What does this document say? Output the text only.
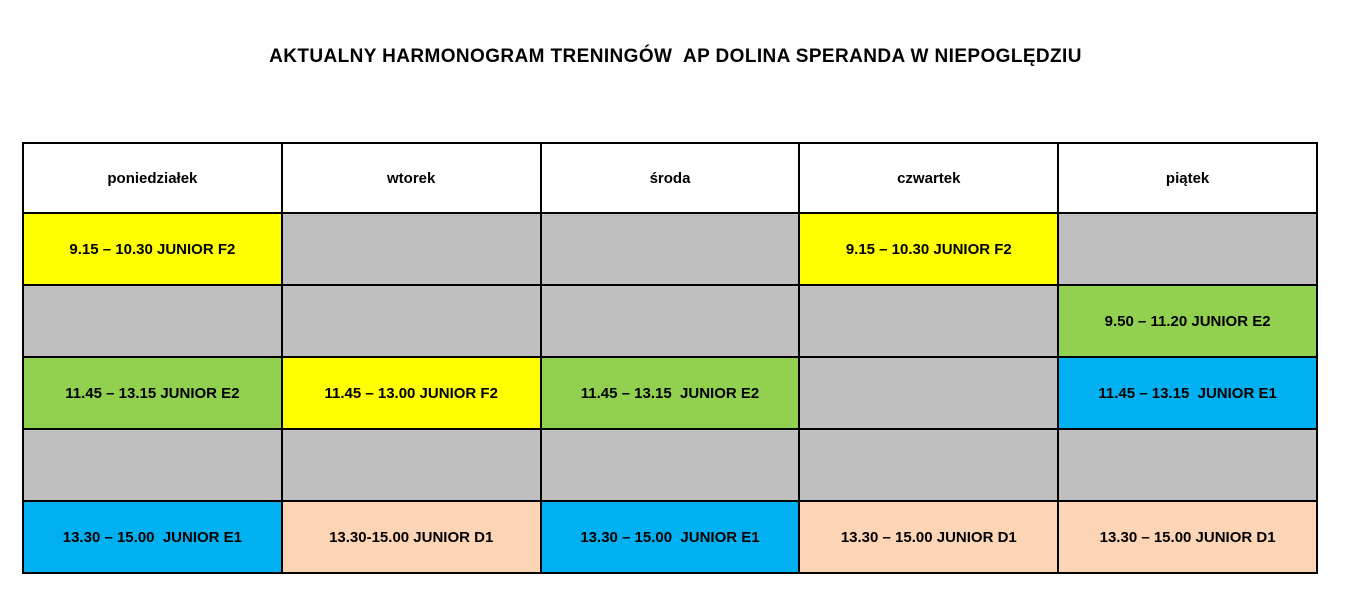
AKTUALNY HARMONOGRAM TRENINGÓW  AP DOLINA SPERANDA W NIEPOGLĘDZIU
poniedziałek	wtorek	środa	czwartek	piątek
9.15 – 10.30 JUNIOR F2			9.15 – 10.30 JUNIOR F2	
				9.50 – 11.20 JUNIOR E2
11.45 – 13.15 JUNIOR E2	11.45 – 13.00 JUNIOR F2	11.45 – 13.15  JUNIOR E2		11.45 – 13.15  JUNIOR E1

13.30 – 15.00  JUNIOR E1	13.30-15.00 JUNIOR D1	13.30 – 15.00  JUNIOR E1	13.30 – 15.00 JUNIOR D1	13.30 – 15.00 JUNIOR D1
